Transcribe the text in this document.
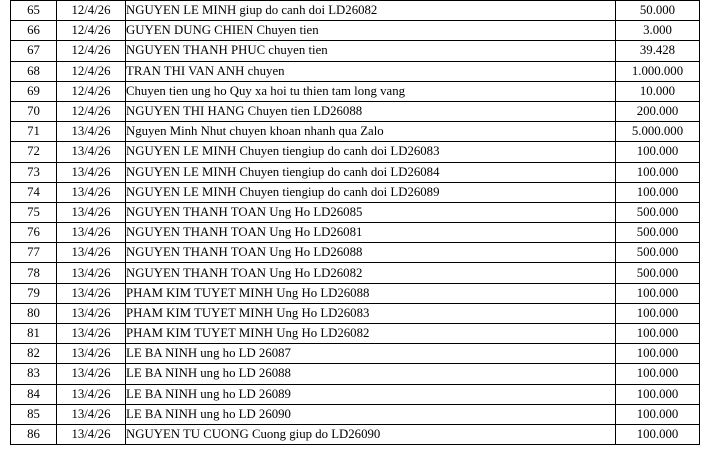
65	12/4/26	NGUYEN LE MINH giup do canh doi LD26082	50.000
66	12/4/26	GUYEN DUNG CHIEN Chuyen tien	3.000
67	12/4/26	NGUYEN THANH PHUC chuyen tien	39.428
68	12/4/26	TRAN THI VAN ANH chuyen	1.000.000
69	12/4/26	Chuyen tien ung ho Quy xa hoi tu thien tam long vang	10.000
70	12/4/26	NGUYEN THI HANG Chuyen tien LD26088	200.000
71	13/4/26	Nguyen Minh Nhut chuyen khoan nhanh qua Zalo	5.000.000
72	13/4/26	NGUYEN LE MINH Chuyen tiengiup do canh doi LD26083	100.000
73	13/4/26	NGUYEN LE MINH Chuyen tiengiup do canh doi LD26084	100.000
74	13/4/26	NGUYEN LE MINH Chuyen tiengiup do canh doi LD26089	100.000
75	13/4/26	NGUYEN THANH TOAN Ung Ho LD26085	500.000
76	13/4/26	NGUYEN THANH TOAN Ung Ho LD26081	500.000
77	13/4/26	NGUYEN THANH TOAN Ung Ho LD26088	500.000
78	13/4/26	NGUYEN THANH TOAN Ung Ho LD26082	500.000
79	13/4/26	PHAM KIM TUYET MINH Ung Ho LD26088	100.000
80	13/4/26	PHAM KIM TUYET MINH Ung Ho LD26083	100.000
81	13/4/26	PHAM KIM TUYET MINH Ung Ho LD26082	100.000
82	13/4/26	LE BA NINH ung ho LD 26087	100.000
83	13/4/26	LE BA NINH ung ho LD 26088	100.000
84	13/4/26	LE BA NINH ung ho LD 26089	100.000
85	13/4/26	LE BA NINH ung ho LD 26090	100.000
86	13/4/26	NGUYEN TU CUONG Cuong giup do LD26090	100.000
